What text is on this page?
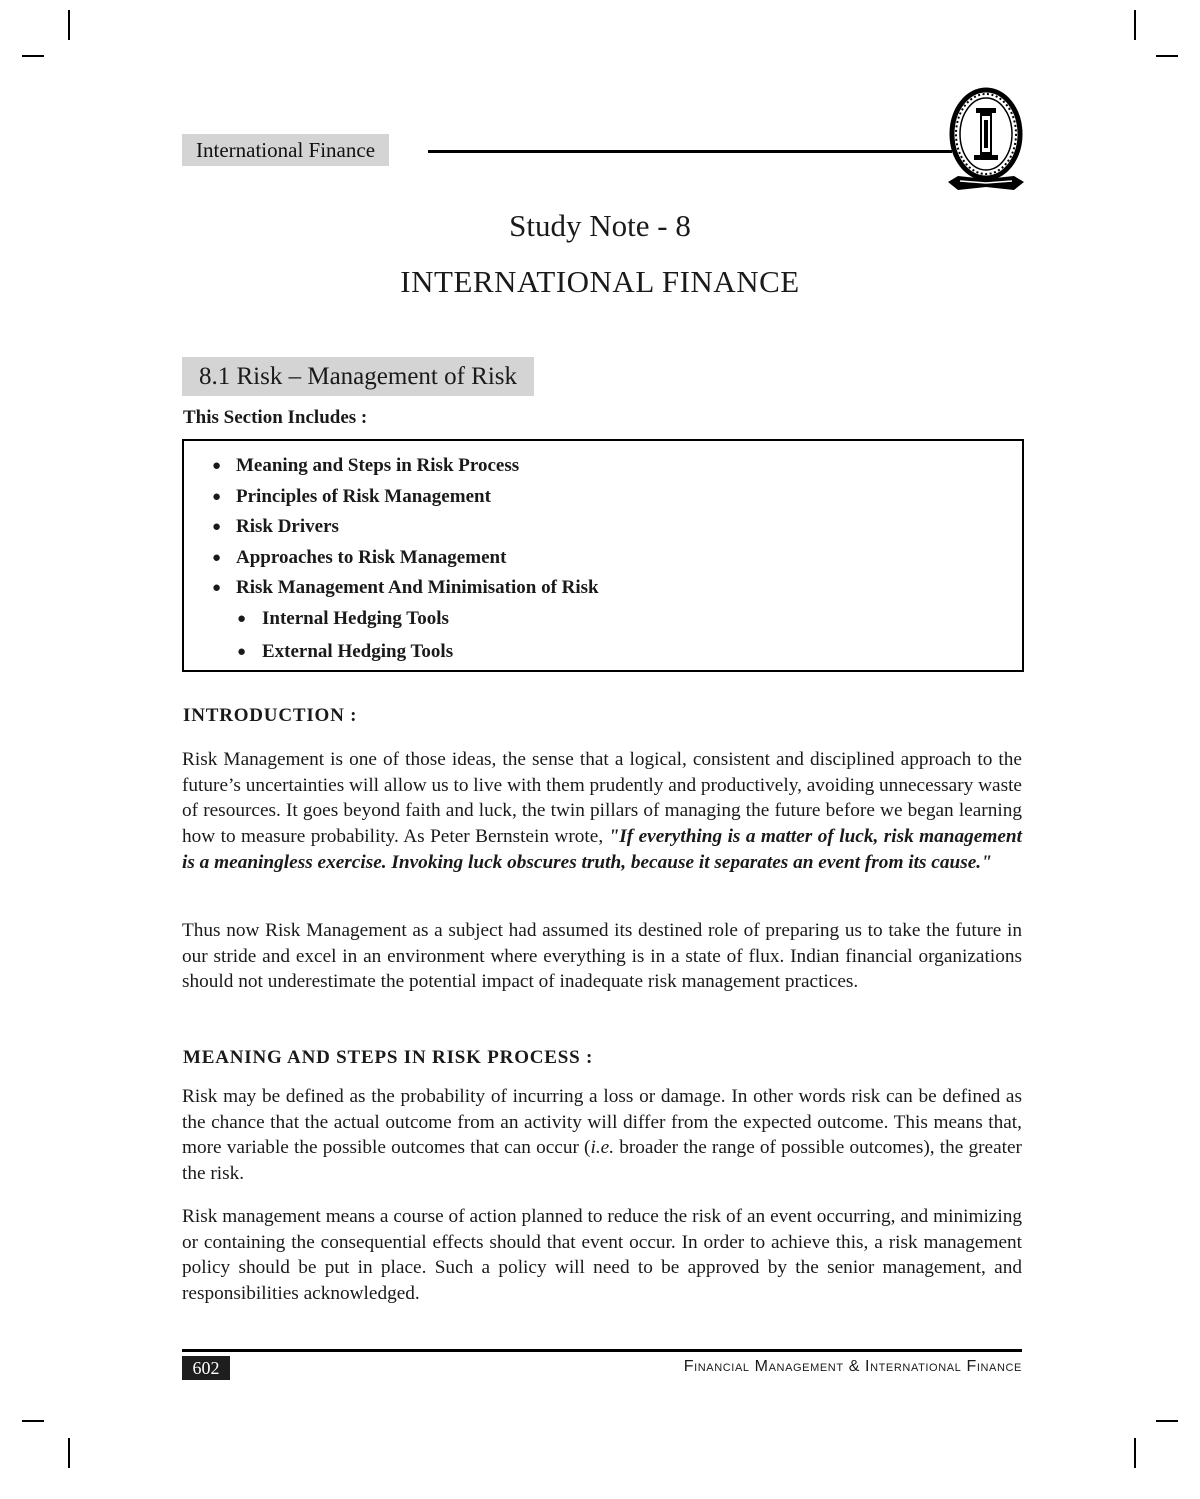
International Finance
Study Note - 8
INTERNATIONAL FINANCE
8.1 Risk – Management of Risk
This Section Includes :
● Meaning and Steps in Risk Process
● Principles of Risk Management
● Risk Drivers
● Approaches to Risk Management
● Risk Management And Minimisation of Risk
● Internal Hedging Tools
● External Hedging Tools
INTRODUCTION :

Risk Management is one of those ideas, the sense that a logical, consistent and disciplined approach to the future’s uncertainties will allow us to live with them prudently and productively, avoiding unnecessary waste of resources. It goes beyond faith and luck, the twin pillars of managing the future before we began learning how to measure probability. As Peter Bernstein wrote, "If everything is a matter of luck, risk management is a meaningless exercise. Invoking luck obscures truth, because it separates an event from its cause."

Thus now Risk Management as a subject had assumed its destined role of preparing us to take the future in our stride and excel in an environment where everything is in a state of flux. Indian financial organizations should not underestimate the potential impact of inadequate risk management practices.

MEANING AND STEPS IN RISK PROCESS :

Risk may be defined as the probability of incurring a loss or damage. In other words risk can be defined as the chance that the actual outcome from an activity will differ from the expected outcome. This means that, more variable the possible outcomes that can occur (i.e. broader the range of possible outcomes), the greater the risk.

Risk management means a course of action planned to reduce the risk of an event occurring, and minimizing or containing the consequential effects should that event occur. In order to achieve this, a risk management policy should be put in place. Such a policy will need to be approved by the senior management, and responsibilities acknowledged.

602	Financial Management & International Finance
